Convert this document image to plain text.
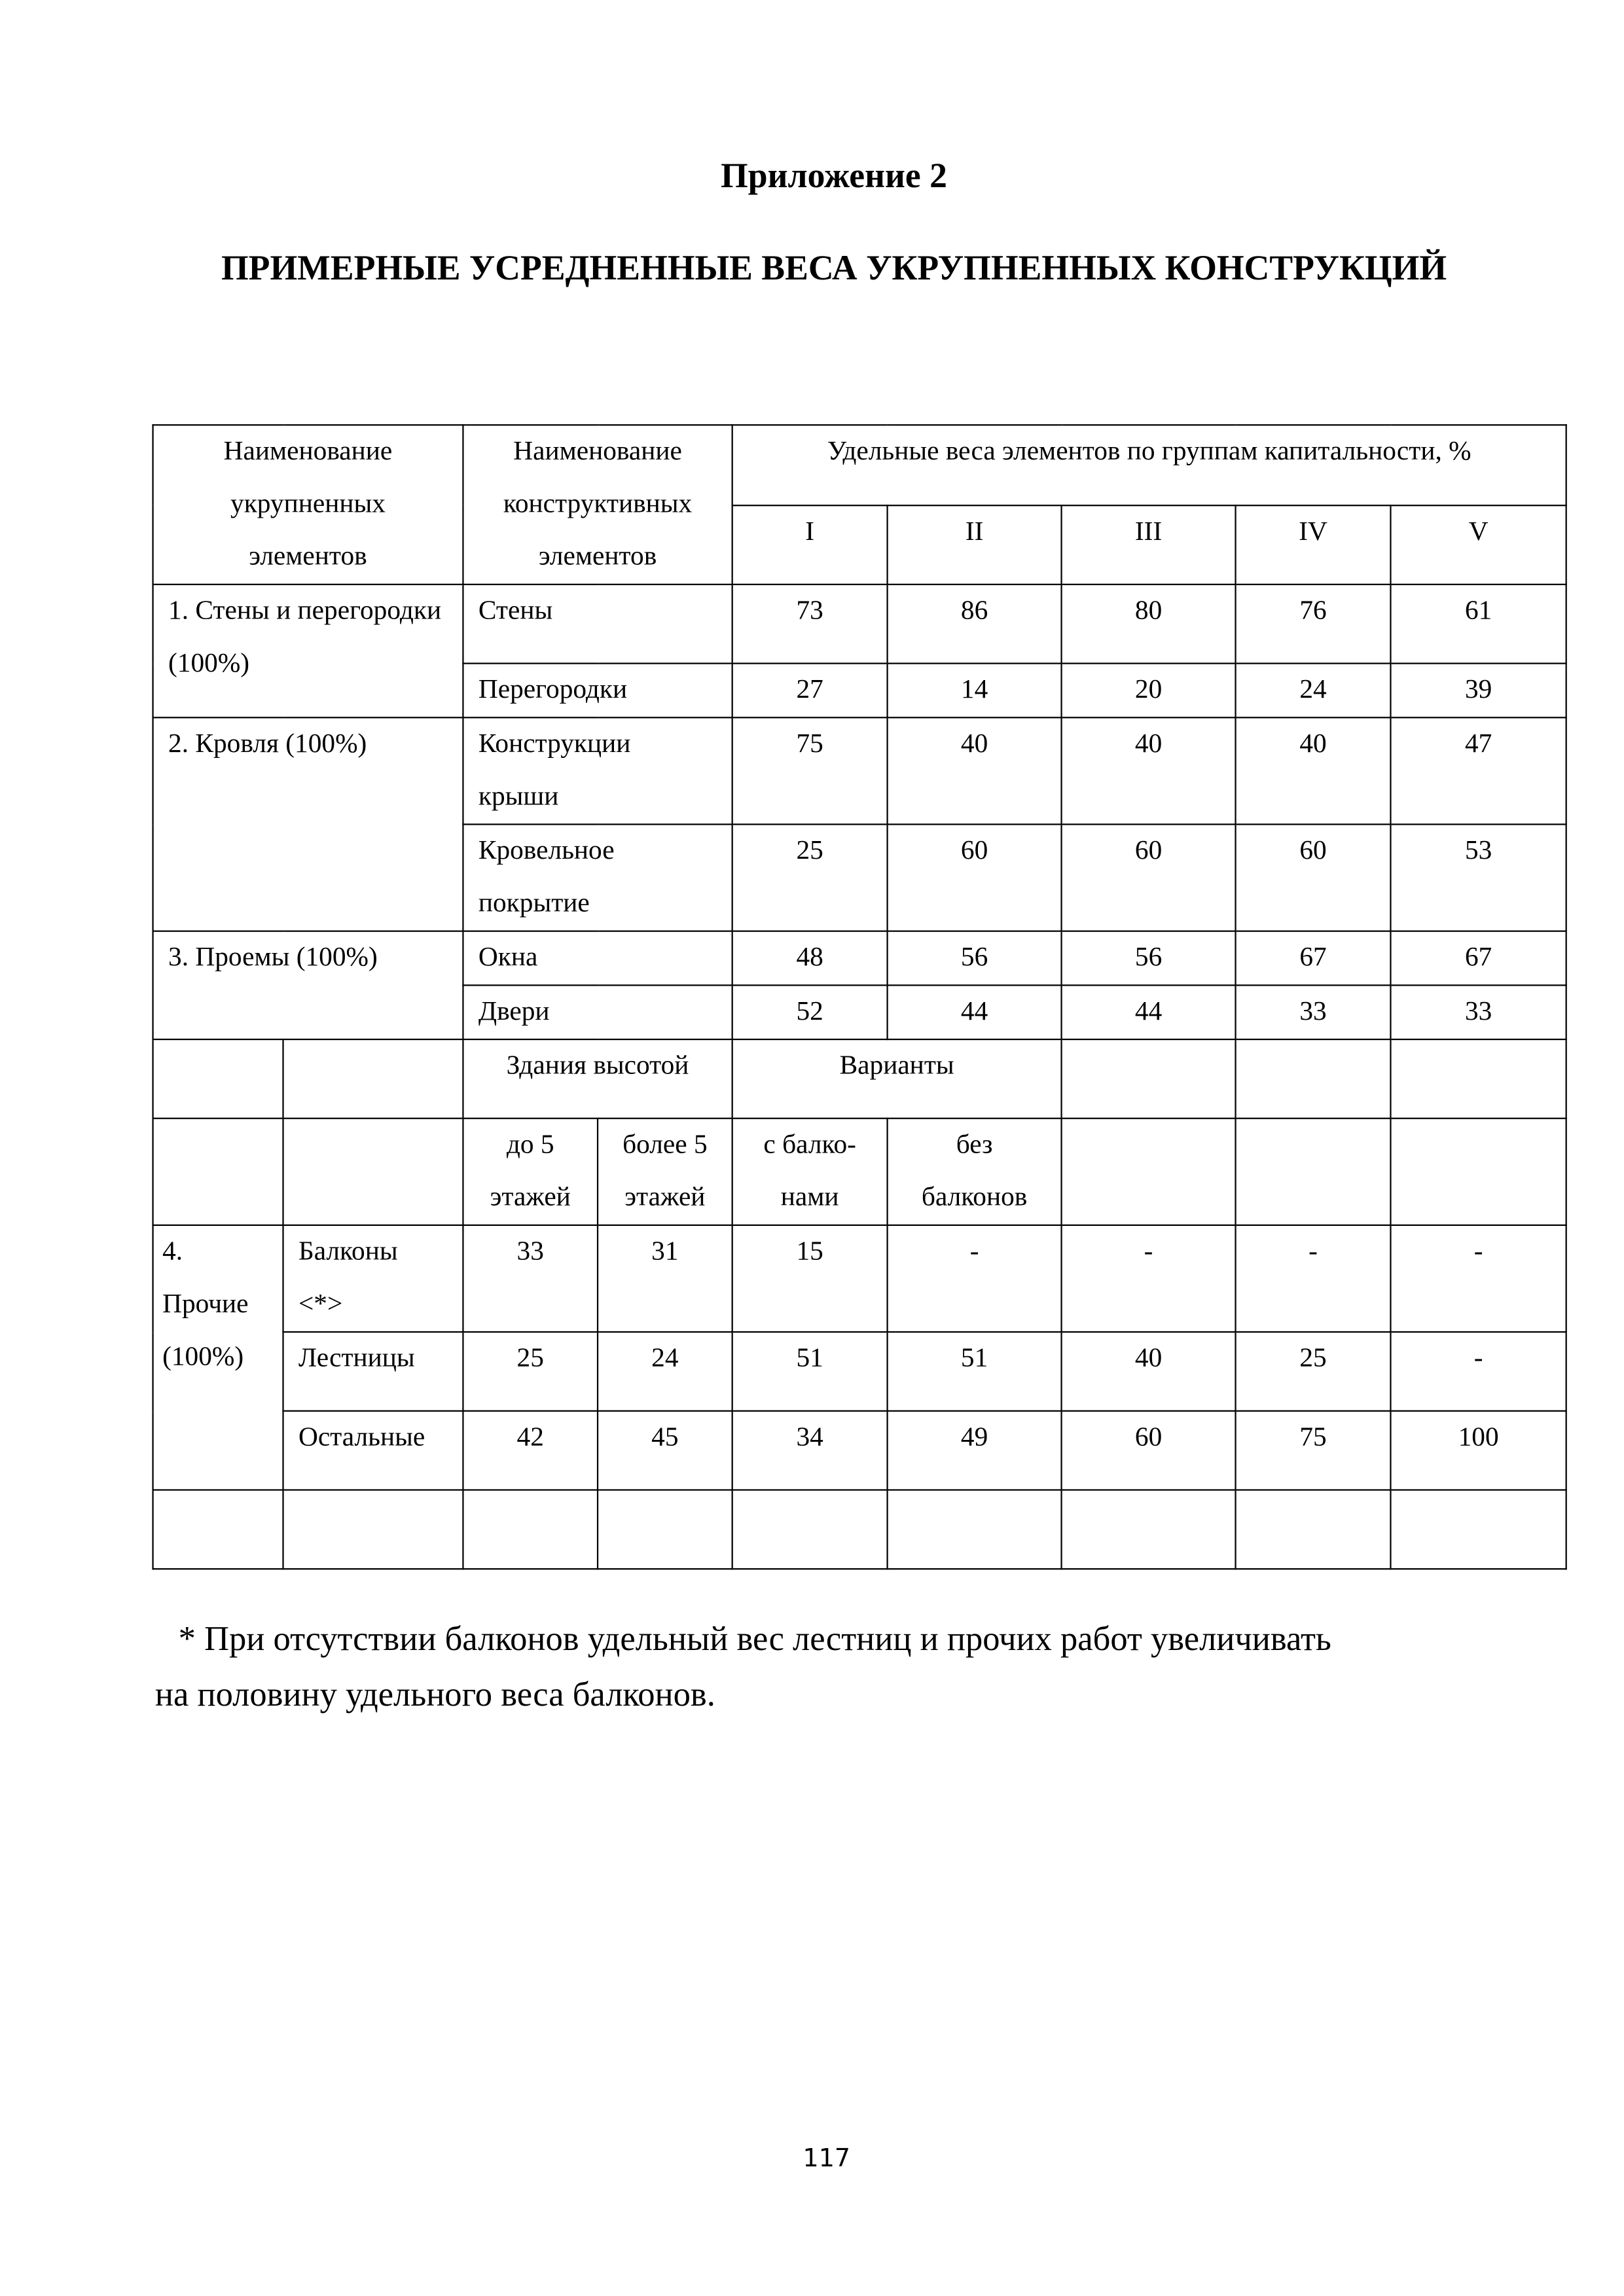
Приложение 2
ПРИМЕРНЫЕ УСРЕДНЕННЫЕ ВЕСА УКРУПНЕННЫХ КОНСТРУКЦИЙ
Наименование укрупненных элементов		Наименование конструктивных элементов		Удельные веса элементов по группам капитальности, %				
				I	II	III	IV	V
1. Стены и перегородки (100%)		Стены		73	86	80	76	61
		Перегородки		27	14	20	24	39
2. Кровля (100%)		Конструкции крыши		75	40	40	40	47
		Кровельное покрытие		25	60	60	60	53
3. Проемы (100%)		Окна		48	56	56	67	67
		Двери		52	44	44	33	33
		Здания высотой		Варианты				
		до 5 этажей	более 5 этажей	с балко- нами	без балконов			
4. Прочие (100%)	Балконы <*>	33	31	15	-	-	-	-
	Лестницы	25	24	51	51	40	25	-
	Остальные	42	45	34	49	60	75	100

* При отсутствии балконов удельный вес лестниц и прочих работ увеличивать
на половину удельного веса балконов.
117
